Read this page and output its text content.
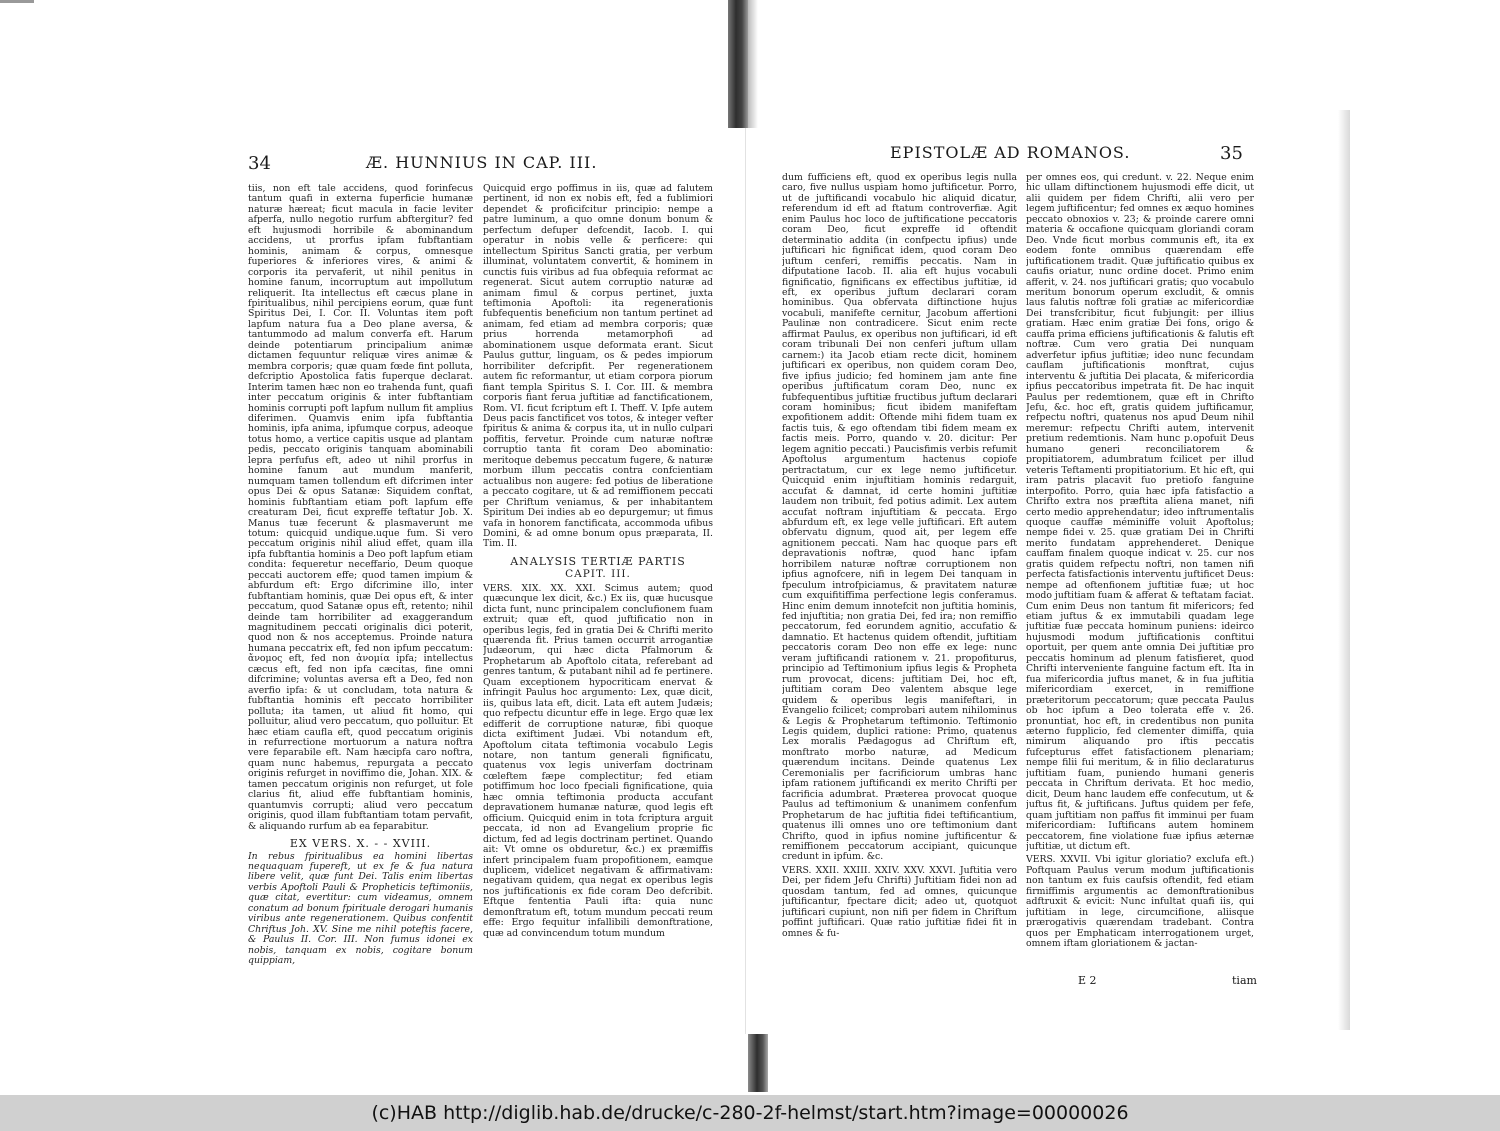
34	Æ. HUNNIUS IN CAP. III.

tiis, non eft tale accidens, quod forinfecus tantum quafi in externa fuperficie humanæ naturæ hæreat; ficut macula in facie leviter afperfa, nullo negotio rurfum abftergitur? fed eft hujusmodi horribile & abominandum accidens, ut prorfus ipfam fubftantiam hominis, animam & corpus, omnesque fuperiores & inferiores vires, & animi & corporis ita pervaferit, ut nihil penitus in homine fanum, incorruptum aut impollutum reliquerit. Ita intellectus eft cæcus plane in fpiritualibus, nihil percipiens eorum, quæ funt Spiritus Dei, I. Cor. II. Voluntas item poft lapfum natura fua a Deo plane aversa, & tantummodo ad malum converfa eft. Harum deinde potentiarum principalium animæ dictamen fequuntur reliquæ vires animæ & membra corporis; quæ quam fœde fint polluta, defcriptio Apostolica fatis fuperque declarat. Interim tamen hæc non eo trahenda funt, quafi inter peccatum originis & inter fubftantiam hominis corrupti poft lapfum nullum fit amplius diferimen. Quamvis enim ipfa fubftantia hominis, ipfa anima, ipfumque corpus, adeoque totus homo, a vertice capitis usque ad plantam pedis, peccato originis tanquam abominabili lepra perfufus eft, adeo ut nihil prorfus in homine fanum aut mundum manferit, numquam tamen tollendum eft difcrimen inter opus Dei & opus Satanæ: Siquidem conftat, hominis fubftantiam etiam poft lapfum effe creaturam Dei, ficut expreffe teftatur Job. X. Manus tuæ fecerunt & plasmaverunt me totum: quicquid undique.uque fum. Si vero peccatum originis nihil aliud effet, quam illa ipfa fubftantia hominis a Deo poft lapfum etiam condita: fequeretur neceffario, Deum quoque peccati auctorem effe; quod tamen impium & abfurdum eft: Ergo difcrimine illo, inter fubftantiam hominis, quæ Dei opus eft, & inter peccatum, quod Satanæ opus eft, retento; nihil deinde tam horribiliter ad exaggerandum magnitudinem peccati originalis dici poterit, quod non & nos acceptemus. Proinde natura humana peccatrix eft, fed non ipfum peccatum: ἄνομος eft, fed non ἀνομία ipfa; intellectus cæcus eft, fed non ipfa cæcitas, fine omni difcrimine; voluntas aversa eft a Deo, fed non averfio ipfa: & ut concludam, tota natura & fubftantia hominis eft peccato horribiliter polluta; ita tamen, ut aliud fit homo, qui polluitur, aliud vero peccatum, quo polluitur. Et hæc etiam caufla eft, quod peccatum originis in refurrectione mortuorum a natura noftra vere feparabile eft. Nam hæcipfa caro noftra, quam nunc habemus, repurgata a peccato originis refurget in noviffimo die, Johan. XIX. & tamen peccatum originis non refurget, ut fole clarius fit, aliud effe fubftantiam hominis, quantumvis corrupti; aliud vero peccatum originis, quod illam fubftantiam totam pervafit, & aliquando rurfum ab ea feparabitur.

EX VERS. X. - - XVIII.

In rebus fpiritualibus ea homini libertas nequaquam fupereft, ut ex fe & fua natura libere velit, quæ funt Dei. Talis enim libertas verbis Apoftoli Pauli & Propheticis teftimoniis, quæ citat, evertitur: cum videamus, omnem conatum ad bonum fpirituale derogari humanis viribus ante regenerationem. Quibus confentit Chriftus Joh. XV. Sine me nihil poteftis facere, & Paulus II. Cor. III. Non fumus idonei ex nobis, tanquam ex nobis, cogitare bonum quippiam,

Quicquid ergo poffimus in iis, quæ ad falutem pertinent, id non ex nobis eft, fed a fublimiori dependet & proficifcitur principio: nempe a patre luminum, a quo omne donum bonum & perfectum defuper defcendit, Iacob. I. qui operatur in nobis velle & perficere: qui intellectum Spiritus Sancti gratia, per verbum illuminat, voluntatem convertit, & hominem in cunctis fuis viribus ad fua obfequia reformat ac regenerat. Sicut autem corruptio naturæ ad animam fimul & corpus pertinet, juxta teftimonia Apoftoli: ita regenerationis fubfequentis beneficium non tantum pertinet ad animam, fed etiam ad membra corporis; quæ prius horrenda metamorphofi ad abominationem usque deformata erant. Sicut Paulus guttur, linguam, os & pedes impiorum horribiliter defcripfit. Per regenerationem autem fic reformantur, ut etiam corpora piorum fiant templa Spiritus S. I. Cor. III. & membra corporis fiant ferua juftitiæ ad fanctificationem, Rom. VI. ficut fcriptum eft I. Theff. V. Ipfe autem Deus pacis fanctificet vos totos, & integer vefter fpiritus & anima & corpus ita, ut in nullo culpari poffitis, fervetur. Proinde cum naturæ noftræ corruptio tanta fit coram Deo abominatio: meritoque debemus peccatum fugere, & naturæ morbum illum peccatis contra confcientiam actualibus non augere: fed potius de liberatione a peccato cogitare, ut & ad remiffionem peccati per Chriftum veniamus, & per inhabitantem Spiritum Dei indies ab eo depurgemur; ut fimus vafa in honorem fanctificata, accommoda ufibus Domini, & ad omne bonum opus præparata, II. Tim. II.

ANALYSIS TERTIÆ PARTIS
CAPIT. III.

VERS. XIX. XX. XXI. Scimus autem; quod quæcunque lex dicit, &c.) Ex iis, quæ hucusque dicta funt, nunc principalem conclufionem fuam extruit; quæ eft, quod juftificatio non in operibus legis, fed in gratia Dei & Chrifti merito quærenda fit. Prius tamen occurrit arrogantiæ Judæorum, qui hæc dicta Pfalmorum & Prophetarum ab Apoftolo citata, referebant ad genres tantum, & putabant nihil ad fe pertinere. Quam exceptionem hypocriticam enervat & infringit Paulus hoc argumento: Lex, quæ dicit, iis, quibus lata eft, dicit. Lata eft autem Judæis; quo refpectu dicuntur effe in lege. Ergo quæ lex edifferit de corruptione naturæ, fibi quoque dicta exiftiment Judæi. Vbi notandum eft, Apoftolum citata teftimonia vocabulo Legis notare, non tantum generali fignificatu, quatenus vox legis univerfam doctrinam cœleftem fæpe complectitur; fed etiam potiffimum hoc loco fpeciali fignificatione, quia hæc omnia teftimonia producta accufant depravationem humanæ naturæ, quod legis eft officium. Quicquid enim in tota fcriptura arguit peccata, id non ad Evangelium proprie fic dictum, fed ad legis doctrinam pertinet. Quando ait: Vt omne os obduretur, &c.) ex præmiffis infert principalem fuam propofitionem, eamque duplicem, videlicet negativam & affirmativam: negativam quidem, qua negat ex operibus legis nos juftificationis ex fide coram Deo defcribit. Eftque fententia Pauli ifta: quia nunc demonftratum eft, totum mundum peccati reum effe: Ergo fequitur infallibili demonftratione, quæ ad convincendum totum mundum

EPISTOLÆ AD ROMANOS.	35

dum fufficiens eft, quod ex operibus legis nulla caro, five nullus uspiam homo juftificetur. Porro, ut de juftificandi vocabulo hic aliquid dicatur, referendum id eft ad ftatum controverfiæ. Agit enim Paulus hoc loco de juftificatione peccatoris coram Deo, ficut expreffe id oftendit determinatio addita (in confpectu ipfius) unde juftificari hic fignificat idem, quod coram Deo juftum cenferi, remiffis peccatis. Nam in difputatione Iacob. II. alia eft hujus vocabuli fignificatio, fignificans ex effectibus juftitiæ, id eft, ex operibus juftum declarari coram hominibus. Qua obfervata diftinctione hujus vocabuli, manifefte cernitur, Jacobum affertioni Paulinæ non contradicere. Sicut enim recte affirmat Paulus, ex operibus non juftificari, id eft coram tribunali Dei non cenferi juftum ullam carnem:) ita Jacob etiam recte dicit, hominem juftificari ex operibus, non quidem coram Deo, five ipfius judicio; fed hominem jam ante fine operibus juftificatum coram Deo, nunc ex fubfequentibus juftitiæ fructibus juftum declarari coram hominibus; ficut ibidem manifeftam expofitionem addit: Oftende mihi fidem tuam ex factis tuis, & ego oftendam tibi fidem meam ex factis meis. Porro, quando v. 20. dicitur: Per legem agnitio peccati.) Paucisfimis verbis refumit Apoftolus argumentum hactenus copiofe pertractatum, cur ex lege nemo juftificetur. Quicquid enim injuftitiam hominis redarguit, accufat & damnat, id certe homini juftitiæ laudem non tribuit, fed potius adimit. Lex autem accufat noftram injuftitiam & peccata. Ergo abfurdum eft, ex lege velle juftificari. Eft autem obfervatu dignum, quod ait, per legem effe agnitionem peccati. Nam hac quoque pars eft depravationis noftræ, quod hanc ipfam horribilem naturæ noftræ corruptionem non ipfius agnofcere, nifi in legem Dei tanquam in fpeculum introfpiciamus, & pravitatem naturæ cum exquifitiffima perfectione legis conferamus. Hinc enim demum innotefcit non juftitia hominis, fed injuftitia; non gratia Dei, fed ira; non remiffio peccatorum, fed eorundem agnitio, accufatio & damnatio. Et hactenus quidem oftendit, juftitiam peccatoris coram Deo non effe ex lege: nunc veram juftificandi rationem v. 21. propofiturus, principio ad Teftimonium ipfius legis & Propheta rum provocat, dicens: juftitiam Dei, hoc eft, juftitiam coram Deo valentem absque lege quidem & operibus legis manifeftari, in Evangelio fcilicet; comprobari autem nihilominus & Legis & Prophetarum teftimonio. Teftimonio Legis quidem, duplici ratione: Primo, quatenus Lex moralis Pædagogus ad Chriftum eft, monftrato morbo naturæ, ad Medicum quærendum incitans. Deinde quatenus Lex Ceremonialis per facrificiorum umbras hanc ipfam rationem juftificandi ex merito Chrifti per facrificia adumbrat. Præterea provocat quoque Paulus ad teftimonium & unanimem confenfum Prophetarum de hac juftitia fidei teftificantium, quatenus illi omnes uno ore teftimonium dant Chrifto, quod in ipfius nomine juftificentur & remiffionem peccatorum accipiant, quicunque credunt in ipfum. &c.

VERS. XXII. XXIII. XXIV. XXV. XXVI. Juftitia vero Dei, per fidem Jefu Chrifti) Juftitiam fidei non ad quosdam tantum, fed ad omnes, quicunque juftificantur, fpectare dicit; adeo ut, quotquot juftificari cupiunt, non nifi per fidem in Chriftum poffint juftificari. Quæ ratio juftitiæ fidei fit in omnes & fu-

per omnes eos, qui credunt. v. 22. Neque enim hic ullam diftinctionem hujusmodi effe dicit, ut alii quidem per fidem Chrifti, alii vero per legem juftificentur; fed omnes ex æquo homines peccato obnoxios v. 23; & proinde carere omni materia & occafione quicquam gloriandi coram Deo. Vnde ficut morbus communis eft, ita ex eodem fonte omnibus quærendam effe juftificationem tradit. Quæ juftificatio quibus ex caufis oriatur, nunc ordine docet. Primo enim afferit, v. 24. nos juftificari gratis; quo vocabulo meritum bonorum operum excludit, & omnis laus falutis noftræ foli gratiæ ac mifericordiæ Dei transfcribitur, ficut fubjungit: per illius gratiam. Hæc enim gratiæ Dei fons, origo & cauffa prima efficiens juftificationis & falutis eft noftræ. Cum vero gratia Dei nunquam adverfetur ipfius juftitiæ; ideo nunc fecundam cauflam juftificationis monftrat, cujus interventu & juftitia Dei placata, & mifericordia ipfius peccatoribus impetrata fit. De hac inquit Paulus per redemtionem, quæ eft in Chrifto Jefu, &c. hoc eft, gratis quidem juftificamur, refpectu noftri, quatenus nos apud Deum nihil meremur: refpectu Chrifti autem, intervenit pretium redemtionis. Nam hunc p.opofuit Deus humano generi reconciliatorem & propitiatorem, adumbratum fcilicet per illud veteris Teftamenti propitiatorium. Et hic eft, qui iram patris placavit fuo pretiofo fanguine interpofito. Porro, quia hæc ipfa fatisfactio a Chrifto extra nos præftita aliena manet, nifi certo medio apprehendatur; ideo inftrumentalis quoque cauffæ méminiffe voluit Apoftolus; nempe fidei v. 25. quæ gratiam Dei in Chrifti merito fundatam apprehenderet. Denique cauffam finalem quoque indicat v. 25. cur nos gratis quidem refpectu noftri, non tamen nifi perfecta fatisfactionis interventu juftificet Deus: nempe ad oftenfionem juftitiæ fuæ; ut hoc modo juftitiam fuam & afferat & teftatam faciat. Cum enim Deus non tantum fit mifericors; fed etiam juftus & ex immutabili quadam lege juftitiæ fuæ peccata hominum puniens: ideirco hujusmodi modum juftificationis conftitui oportuit, per quem ante omnia Dei juftitiæ pro peccatis hominum ad plenum fatisfieret, quod Chrifti interveniente fanguine factum eft. Ita in fua mifericordia juftus manet, & in fua juftitia mifericordiam exercet, in remiffione præteritorum peccatorum; quæ peccata Paulus ob hoc ipfum a Deo tolerata effe v. 26. pronuntiat, hoc eft, in credentibus non punita æterno fupplicio, fed clementer dimiffa, quia nimirum aliquando pro iftis peccatis fufcepturus effet fatisfactionem plenariam; nempe filii fui meritum, & in filio declaraturus juftitiam fuam, puniendo humani generis peccata in Chriftum derivata. Et hoc medio, dicit, Deum hanc laudem effe confecutum, ut & juftus fit, & juftificans. Juftus quidem per fefe, quam juftitiam non paffus fit imminui per fuam mifericordiam: Iuftificans autem hominem peccatorem, fine violatione fuæ ipfius æternæ juftitiæ, ut dictum eft.

VERS. XXVII. Vbi igitur gloriatio? exclufa eft.) Poftquam Paulus verum modum juftificationis non tantum ex fuis caufsis oftendit, fed etiam firmiffimis argumentis ac demonftrationibus adftruxit & evicit: Nunc infultat quafi iis, qui juftitiam in lege, circumcifione, aliisque prærogativis quærendam tradebant. Contra quos per Emphaticam interrogationem urget, omnem iftam gloriationem & jactan-

E 2	tiam
(c)HAB http://diglib.hab.de/drucke/c-280-2f-helmst/start.htm?image=00000026
